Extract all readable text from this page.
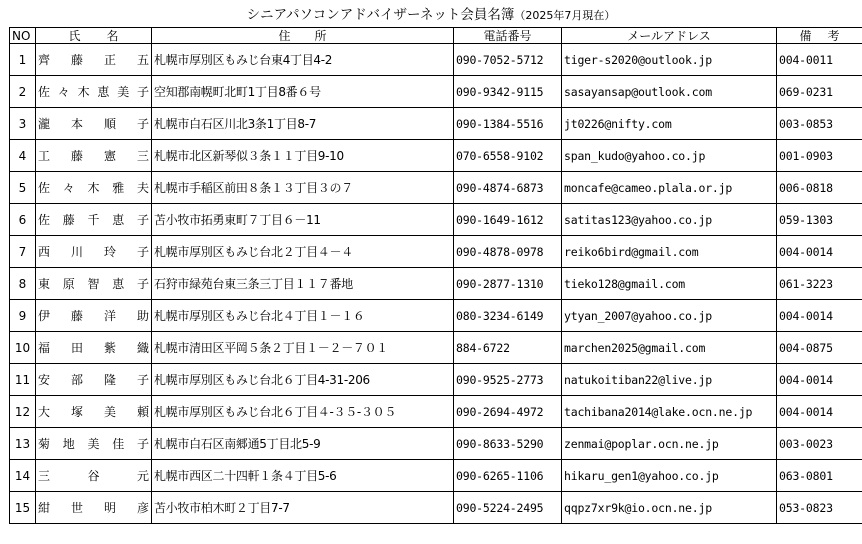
シニアパソコンアドバイザーネット会員名簿（2025年7月現在）
NO	氏 名	住 所	電話番号	メールアドレス	備 考
1	齊 藤 正 五	札幌市厚別区もみじ台東4丁目4-2	090-7052-5712	tiger-s2020@outlook.jp	004-0011
2	佐 々 木 恵 美 子	空知郡南幌町北町1丁目8番６号	090-9342-9115	sasayansap@outlook.com	069-0231
3	瀧 本 順 子	札幌市白石区川北3条1丁目8-7	090-1384-5516	jt0226@nifty.com	003-0853
4	工 藤 憲 三	札幌市北区新琴似３条１１丁目9-10	070-6558-9102	span_kudo@yahoo.co.jp	001-0903
5	佐 々 木 雅 夫	札幌市手稲区前田８条１３丁目３の７	090-4874-6873	moncafe@cameo.plala.or.jp	006-0818
6	佐 藤 千 恵 子	苫小牧市拓勇東町７丁目６－11	090-1649-1612	satitas123@yahoo.co.jp	059-1303
7	西 川 玲 子	札幌市厚別区もみじ台北２丁目４－４	090-4878-0978	reiko6bird@gmail.com	004-0014
8	東 原 智 恵 子	石狩市緑苑台東三条三丁目１１７番地	090-2877-1310	tieko128@gmail.com	061-3223
9	伊 藤 洋 助	札幌市厚別区もみじ台北４丁目１－１６	080-3234-6149	ytyan_2007@yahoo.co.jp	004-0014
10	福 田 紫 織	札幌市清田区平岡５条２丁目１－２－７０１	884-6722	marchen2025@gmail.com	004-0875
11	安 部 隆 子	札幌市厚別区もみじ台北６丁目4-31-206	090-9525-2773	natukoitiban22@live.jp	004-0014
12	大 塚 美 頼	札幌市厚別区もみじ台北６丁目４-３５-３０５	090-2694-4972	tachibana2014@lake.ocn.ne.jp	004-0014
13	菊 地 美 佳 子	札幌市白石区南郷通5丁目北5-9	090-8633-5290	zenmai@poplar.ocn.ne.jp	003-0023
14	三 谷 元	札幌市西区二十四軒１条４丁目5-6	090-6265-1106	hikaru_gen1@yahoo.co.jp	063-0801
15	紺 世 明 彦	苫小牧市柏木町２丁目7-7	090-5224-2495	qqpz7xr9k@io.ocn.ne.jp	053-0823
